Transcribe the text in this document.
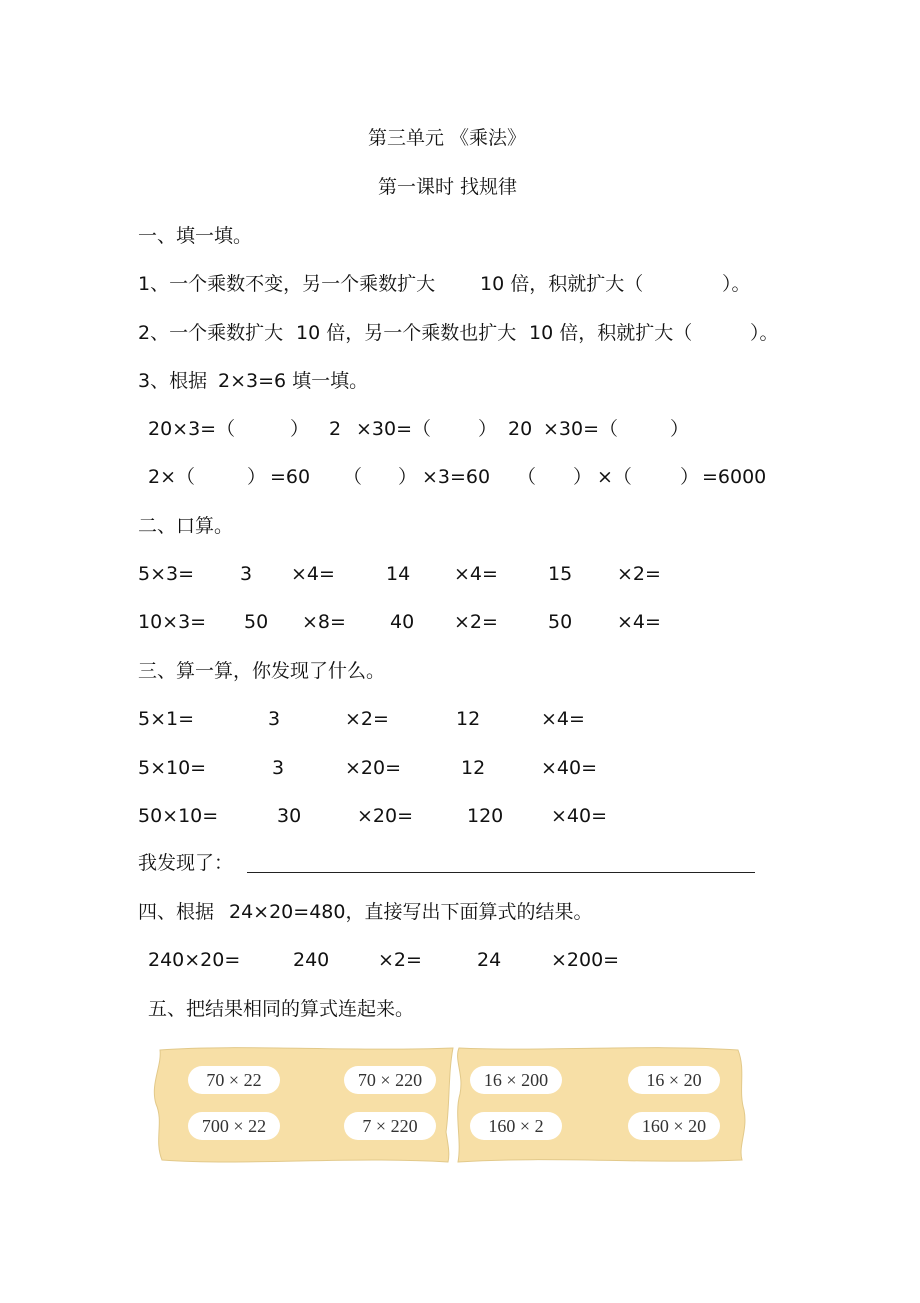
第三单元 《乘法》
第一课时 找规律
一、填一填。
1、一个乘数不变，另一个乘数扩大 10 倍，积就扩大（	）。
2、一个乘数扩大 10 倍，另一个乘数也扩大 10 倍，积就扩大（	）。
3、根据 2×3=6 填一填。
20×3=（	） 2 ×30=（ ） 20 ×30=（	）
2×（	） =60 （ ） ×3=60 （ ） ×（	） =6000
二、口算。
5×3= 3 ×4=	14 ×4=	15 ×2=
10×3= 50 ×8= 40 ×2=	50 ×4=
三、算一算，你发现了什么。
5×1=	3	×2=	12	×4=
5×10=	3	×20=	12	×40=
50×10=	30	×20=	120	×40=
我发现了：
四、根据 24×20=480，直接写出下面算式的结果。
240×20=	240	×2=	24	×200=
五、把结果相同的算式连起来。
70 × 22	70 × 220
700 × 22	7 × 220
16 × 200	16 × 20
160 × 2	160 × 20
